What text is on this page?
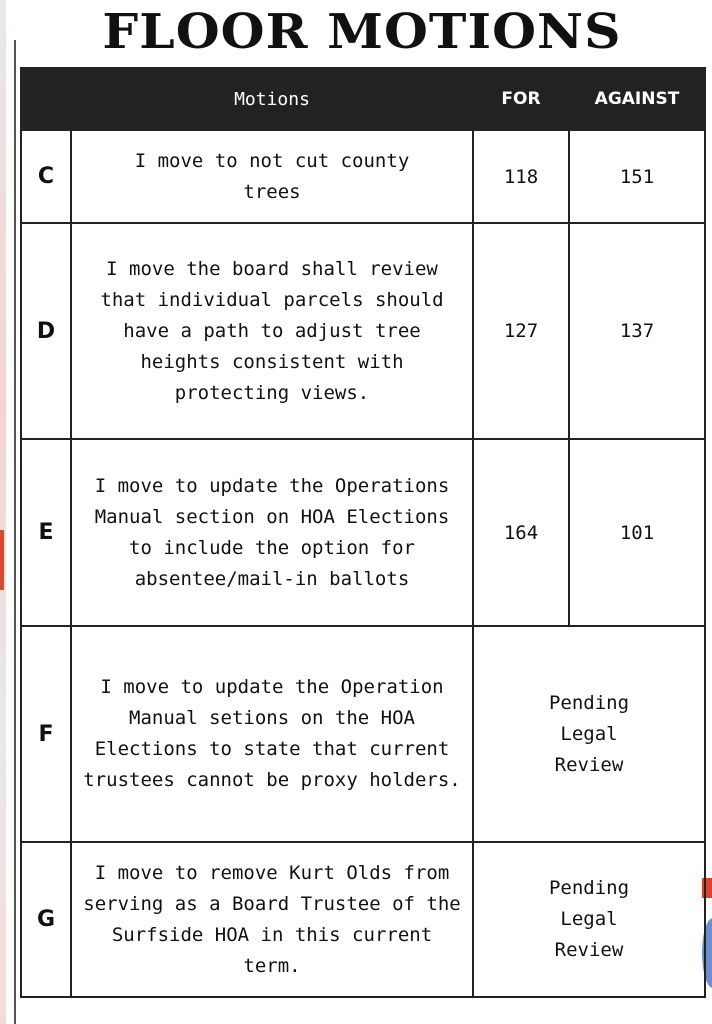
FLOOR MOTIONS
	Motions	FOR	AGAINST
C	I move to not cut county trees	118	151
D	I move the board shall review that individual parcels should have a path to adjust tree heights consistent with protecting views.	127	137
E	I move to update the Operations Manual section on HOA Elections to include the option for absentee/mail-in ballots	164	101
F	I move to update the Operation Manual setions on the HOA Elections to state that current trustees cannot be proxy holders.	Pending Legal Review	
G	I move to remove Kurt Olds from serving as a Board Trustee of the Surfside HOA in this current term.	Pending Legal Review	
